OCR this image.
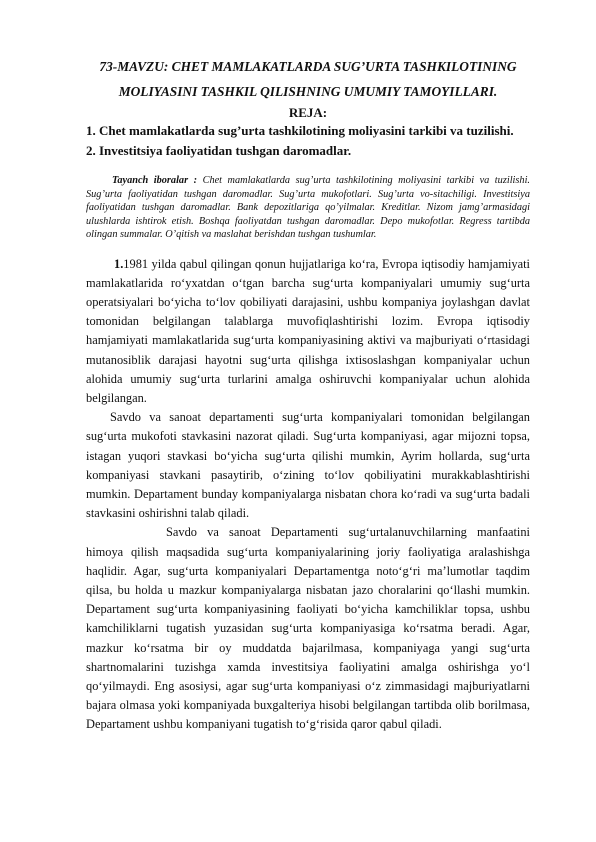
73-MAVZU: CHET MAMLAKATLARDA SUG’URTA TASHKILOTINING
MOLIYASINI TASHKIL QILISHNING UMUMIY TAMOYILLARI.
REJA:
1. Chet mamlakatlarda sug’urta tashkilotining moliyasini tarkibi va tuzilishi.
2. Investitsiya faoliyatidan tushgan daromadlar.

Tayanch iboralar : Chet mamlakatlarda sug’urta tashkilotining moliyasini tarkibi va tuzilishi. Sug’urta faoliyatidan tushgan daromadlar. Sug’urta mukofotlari. Sug’urta vo-sitachiligi. Investitsiya faoliyatidan tushgan daromadlar. Bank depozitlariga qo’yilmalar. Kreditlar. Nizom jamg’armasidagi ulushlarda ishtirok etish. Boshqa faoliyatdan tushgan daromadlar. Depo mukofotlar. Regress tartibda olingan summalar. O’qitish va maslahat berishdan tushgan tushumlar.

1.1981 yilda qabul qilingan qonun hujjatlariga ko‘ra, Evropa iqtisodiy hamjamiyati mamlakatlarida ro‘yxatdan o‘tgan barcha sug‘urta kompaniyalari umumiy sug‘urta operatsiyalari bo‘yicha to‘lov qobiliyati darajasini, ushbu kompaniya joylashgan davlat tomonidan belgilangan talablarga muvofiqlashtirishi lozim. Evropa iqtisodiy hamjamiyati mamlakatlarida sug‘urta kompaniyasining aktivi va majburiyati o‘rtasidagi mutanosiblik darajasi hayotni sug‘urta qilishga ixtisoslashgan kompaniyalar uchun alohida umumiy sug‘urta turlarini amalga oshiruvchi kompaniyalar uchun alohida belgilangan.

Savdo va sanoat departamenti sug‘urta kompaniyalari tomonidan belgilangan sug‘urta mukofoti stavkasini nazorat qiladi. Sug‘urta kompaniyasi, agar mijozni topsa, istagan yuqori stavkasi bo‘yicha sug‘urta qilishi mumkin, Ayrim hollarda, sug‘urta kompaniyasi stavkani pasaytirib, o‘zining to‘lov qobiliyatini murakkablashtirishi mumkin. Departament bunday kompaniyalarga nisbatan chora ko‘radi va sug‘urta badali stavkasini oshirishni talab qiladi.

Savdo va sanoat Departamenti sug‘urtalanuvchilarning manfaatini himoya qilish maqsadida sug‘urta kompaniyalarining joriy faoliyatiga aralashishga haqlidir. Agar, sug‘urta kompaniyalari Departamentga noto‘g‘ri ma’lumotlar taqdim qilsa, bu holda u mazkur kompaniyalarga nisbatan jazo choralarini qo‘llashi mumkin. Departament sug‘urta kompaniyasining faoliyati bo‘yicha kamchiliklar topsa, ushbu kamchiliklarni tugatish yuzasidan sug‘urta kompaniyasiga ko‘rsatma beradi. Agar, mazkur ko‘rsatma bir oy muddatda bajarilmasa, kompaniyaga yangi sug‘urta shartnomalarini tuzishga xamda investitsiya faoliyatini amalga oshirishga yo‘l qo‘yilmaydi. Eng asosiysi, agar sug‘urta kompaniyasi o‘z zimmasidagi majburiyatlarni bajara olmasa yoki kompaniyada buxgalteriya hisobi belgilangan tartibda olib borilmasa, Departament ushbu kompaniyani tugatish to‘g‘risida qaror qabul qiladi.
